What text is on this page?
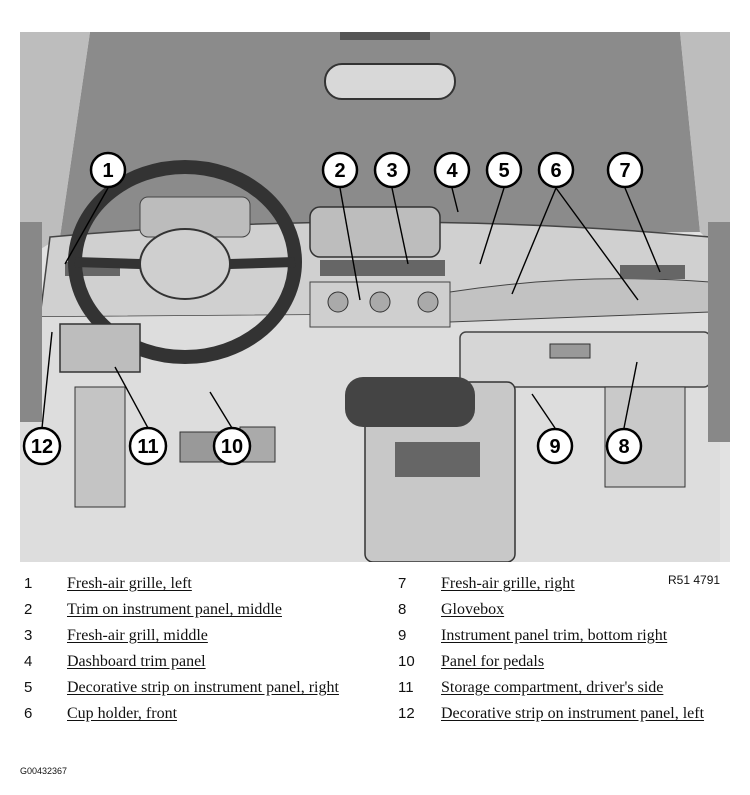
1	2 3 4 5 6	7
8
9
10
11
12
R51 4791
1	Fresh-air grille, left
2	Trim on instrument panel, middle
3	Fresh-air grill, middle
4	Dashboard trim panel
5	Decorative strip on instrument panel, right
6	Cup holder, front
7	Fresh-air grille, right
8	Glovebox
9	Instrument panel trim, bottom right
10	Panel for pedals
11	Storage compartment, driver's side
12	Decorative strip on instrument panel, left
G00432367
